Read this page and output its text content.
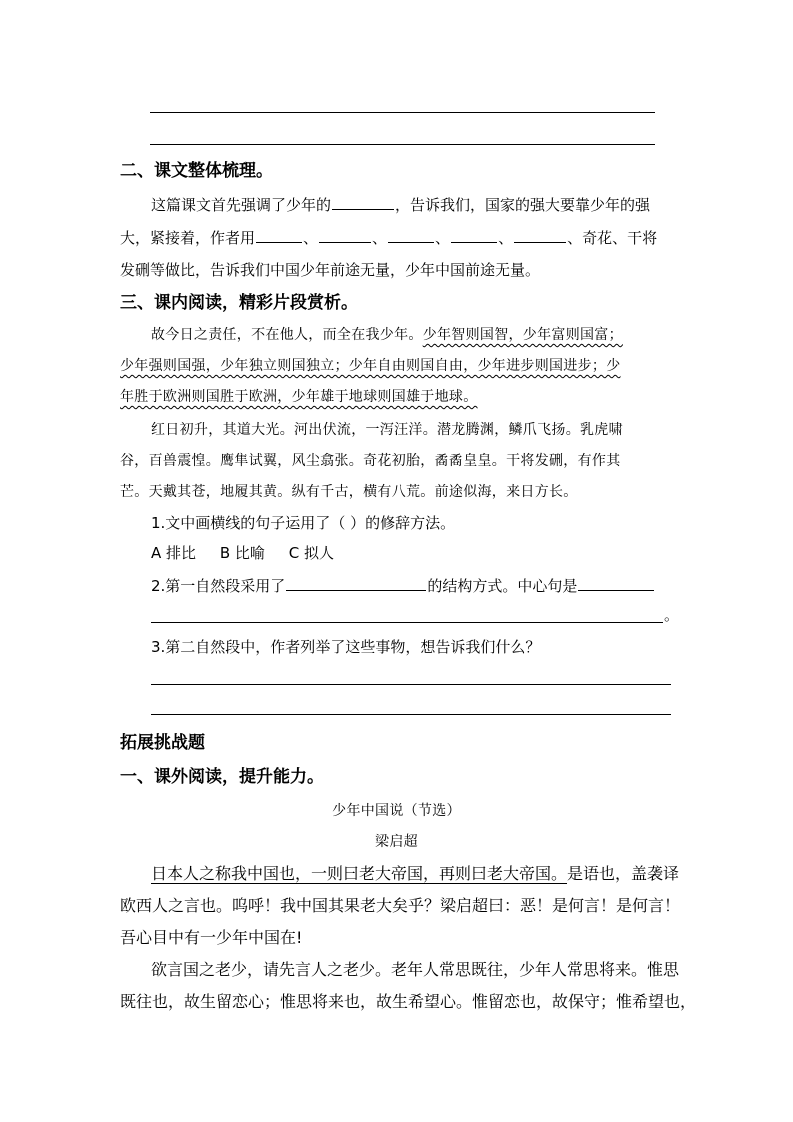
二、课文整体梳理。
这篇课文首先强调了少年的	，告诉我们，国家的强大要靠少年的强
大，紧接着，作者用	、	、	、	、	、奇花、干将
发硎等做比，告诉我们中国少年前途无量，少年中国前途无量。
三、课内阅读，精彩片段赏析。
故今日之责任，不在他人，而全在我少年。少年智则国智，少年富则国富；
少年强则国强，少年独立则国独立；少年自由则国自由，少年进步则国进步；少
年胜于欧洲则国胜于欧洲，少年雄于地球则国雄于地球。
红日初升，其道大光。河出伏流，一泻汪洋。潜龙腾渊，鳞爪飞扬。乳虎啸
谷，百兽震惶。鹰隼试翼，风尘翕张。奇花初胎，矞矞皇皇。干将发硎，有作其
芒。天戴其苍，地履其黄。纵有千古，横有八荒。前途似海，来日方长。
1.文中画横线的句子运用了（ ）的修辞方法。
A 排比     B 比喻     C 拟人
2.第一自然段采用了	的结构方式。中心句是
。
3.第二自然段中，作者列举了这些事物，想告诉我们什么？
拓展挑战题
一、课外阅读，提升能力。
少年中国说（节选）
梁启超
日本人之称我中国也，一则曰老大帝国，再则曰老大帝国。是语也，盖袭译
欧西人之言也。呜呼！我中国其果老大矣乎？梁启超曰：恶！是何言！是何言！
吾心目中有一少年中国在!
欲言国之老少，请先言人之老少。老年人常思既往，少年人常思将来。惟思
既往也，故生留恋心；惟思将来也，故生希望心。惟留恋也，故保守；惟希望也，
